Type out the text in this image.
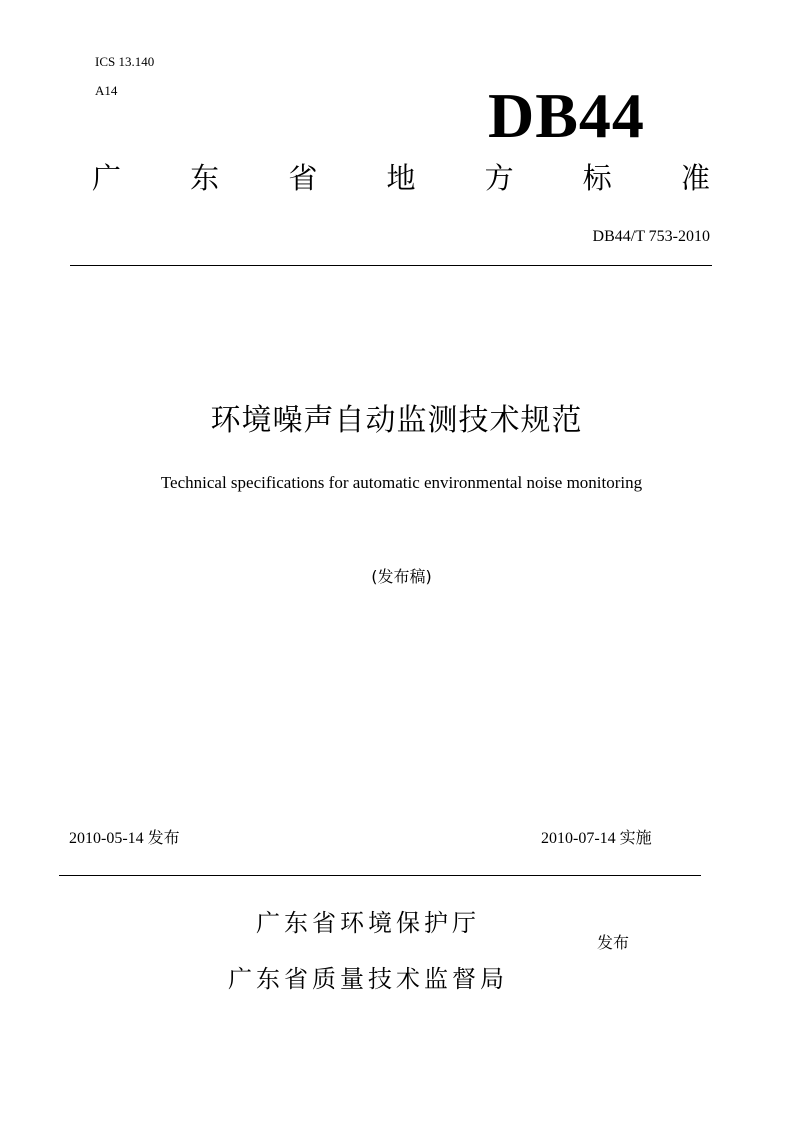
ICS 13.140
A14	DB44
广 东 省 地 方 标 准
DB44/T 753-2010
环境噪声自动监测技术规范
Technical specifications for automatic environmental noise monitoring
(发布稿)
2010-05-14 发布	2010-07-14 实施
广东省环境保护厅
广东省质量技术监督局
发布
